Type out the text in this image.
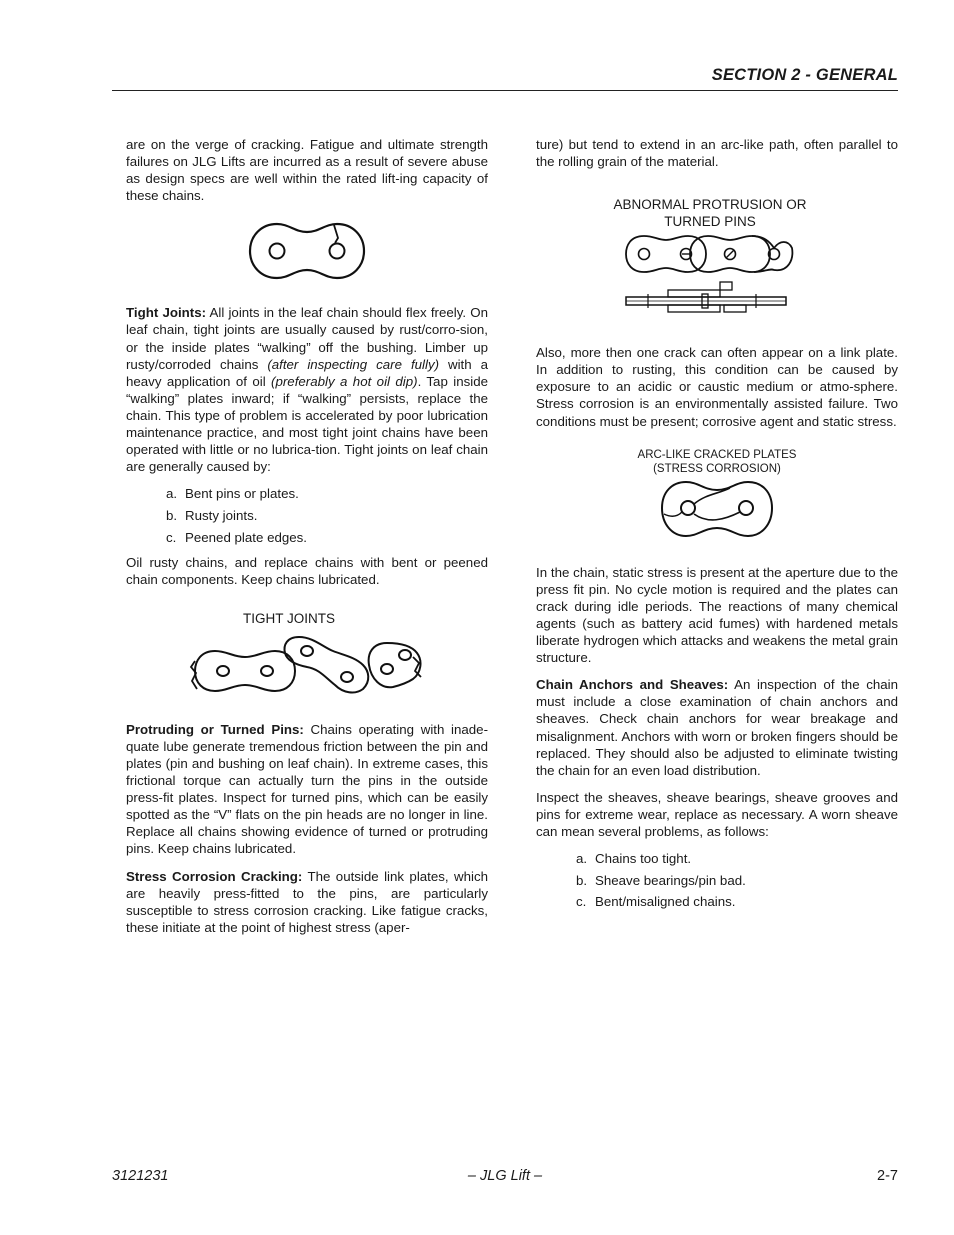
SECTION 2 - GENERAL

are on the verge of cracking. Fatigue and ultimate strength failures on JLG Lifts are incurred as a result of severe abuse as design specs are well within the rated lift-ing capacity of these chains.

Tight Joints: All joints in the leaf chain should flex freely. On leaf chain, tight joints are usually caused by rust/corro-sion, or the inside plates “walking” off the bushing. Limber up rusty/corroded chains (after inspecting care fully) with a heavy application of oil (preferably a hot oil dip). Tap inside “walking” plates inward; if “walking” persists, replace the chain. This type of problem is accelerated by poor lubrication maintenance practice, and most tight joint chains have been operated with little or no lubrica-tion. Tight joints on leaf chain are generally caused by:

a. Bent pins or plates.
b. Rusty joints.
c. Peened plate edges.

Oil rusty chains, and replace chains with bent or peened chain components. Keep chains lubricated.

TIGHT JOINTS

Protruding or Turned Pins: Chains operating with inade-quate lube generate tremendous friction between the pin and plates (pin and bushing on leaf chain). In extreme cases, this frictional torque can actually turn the pins in the outside press-fit plates. Inspect for turned pins, which can be easily spotted as the “V” flats on the pin heads are no longer in line. Replace all chains showing evidence of turned or protruding pins. Keep chains lubricated.

Stress Corrosion Cracking: The outside link plates, which are heavily press-fitted to the pins, are particularly susceptible to stress corrosion cracking. Like fatigue cracks, these initiate at the point of highest stress (aper-

ture) but tend to extend in an arc-like path, often parallel to the rolling grain of the material.

ABNORMAL PROTRUSION OR
TURNED PINS

Also, more then one crack can often appear on a link plate. In addition to rusting, this condition can be caused by exposure to an acidic or caustic medium or atmo-sphere. Stress corrosion is an environmentally assisted failure. Two conditions must be present; corrosive agent and static stress.

ARC-LIKE CRACKED PLATES
(STRESS CORROSION)

In the chain, static stress is present at the aperture due to the press fit pin. No cycle motion is required and the plates can crack during idle periods. The reactions of many chemical agents (such as battery acid fumes) with hardened metals liberate hydrogen which attacks and weakens the metal grain structure.

Chain Anchors and Sheaves: An inspection of the chain must include a close examination of chain anchors and sheaves. Check chain anchors for wear breakage and misalignment. Anchors with worn or broken fingers should be replaced. They should also be adjusted to eliminate twisting the chain for an even load distribution.

Inspect the sheaves, sheave bearings, sheave grooves and pins for extreme wear, replace as necessary. A worn sheave can mean several problems, as follows:

a. Chains too tight.
b. Sheave bearings/pin bad.
c. Bent/misaligned chains.
3121231	– JLG Lift –	2-7
